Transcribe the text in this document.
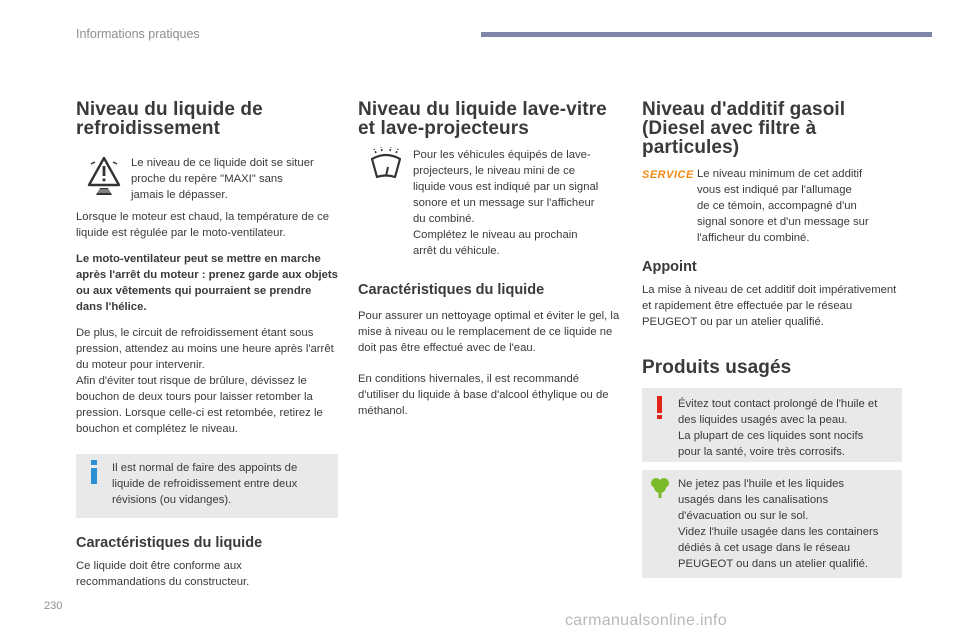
Informations pratiques
Niveau du liquide de
refroidissement

Le niveau de ce liquide doit se situer
proche du repère "MAXI" sans
jamais le dépasser.

Lorsque le moteur est chaud, la température de ce liquide est régulée par le moto-ventilateur.

Le moto-ventilateur peut se mettre en marche après l'arrêt du moteur : prenez garde aux objets ou aux vêtements qui pourraient se prendre dans l'hélice.

De plus, le circuit de refroidissement étant sous pression, attendez au moins une heure après l'arrêt du moteur pour intervenir.
Afin d'éviter tout risque de brûlure, dévissez le bouchon de deux tours pour laisser retomber la pression. Lorsque celle-ci est retombée, retirez le bouchon et complétez le niveau.

Il est normal de faire des appoints de
liquide de refroidissement entre deux
révisions (ou vidanges).

Caractéristiques du liquide

Ce liquide doit être conforme aux
recommandations du constructeur.

Niveau du liquide lave-vitre
et lave-projecteurs

Pour les véhicules équipés de lave-
projecteurs, le niveau mini de ce
liquide vous est indiqué par un signal
sonore et un message sur l'afficheur
du combiné.
Complétez le niveau au prochain
arrêt du véhicule.

Caractéristiques du liquide

Pour assurer un nettoyage optimal et éviter le gel, la mise à niveau ou le remplacement de ce liquide ne doit pas être effectué avec de l'eau.

En conditions hivernales, il est recommandé d'utiliser du liquide à base d'alcool éthylique ou de méthanol.

Niveau d'additif gasoil
(Diesel avec filtre à
particules)
SERVICE Le niveau minimum de cet additif
vous est indiqué par l'allumage
de ce témoin, accompagné d'un
signal sonore et d'un message sur
l'afficheur du combiné.

Appoint

La mise à niveau de cet additif doit impérativement et rapidement être effectuée par le réseau PEUGEOT ou par un atelier qualifié.

Produits usagés

Évitez tout contact prolongé de l'huile et
des liquides usagés avec la peau.
La plupart de ces liquides sont nocifs
pour la santé, voire très corrosifs.

Ne jetez pas l'huile et les liquides
usagés dans les canalisations
d'évacuation ou sur le sol.
Videz l'huile usagée dans les containers
dédiés à cet usage dans le réseau
PEUGEOT ou dans un atelier qualifié.

230
carmanualsonline.info
